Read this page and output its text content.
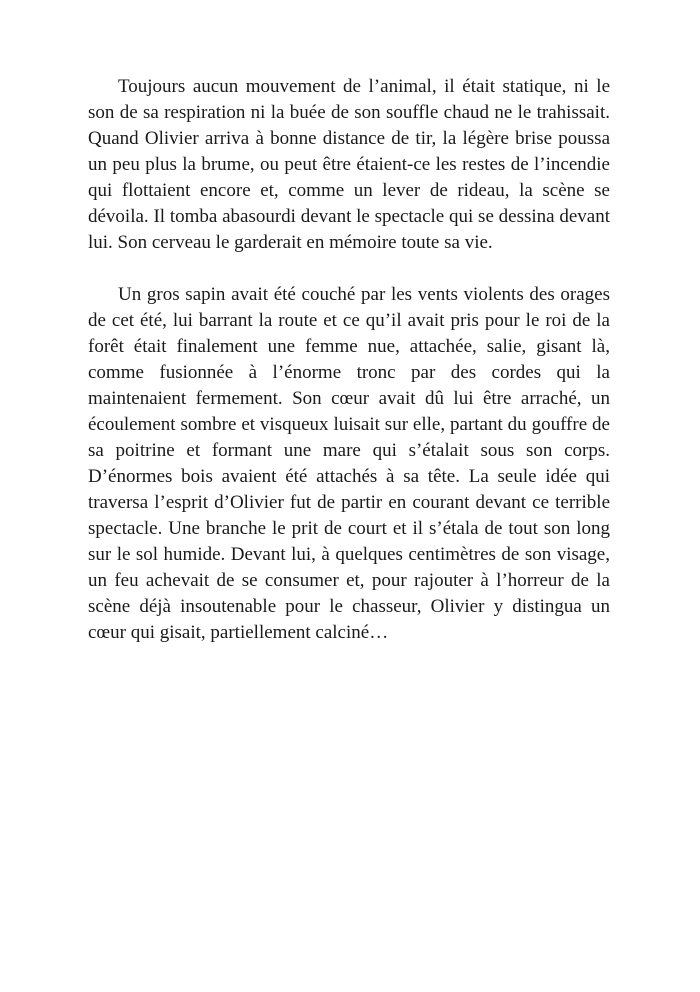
Toujours aucun mouvement de l’animal, il était statique, ni le son de sa respiration ni la buée de son souffle chaud ne le trahissait. Quand Olivier arriva à bonne distance de tir, la légère brise poussa un peu plus la brume, ou peut être étaient-ce les restes de l’incendie qui flottaient encore et, comme un lever de rideau, la scène se dévoila. Il tomba abasourdi devant le spectacle qui se dessina devant lui. Son cerveau le garderait en mémoire toute sa vie.

Un gros sapin avait été couché par les vents violents des orages de cet été, lui barrant la route et ce qu’il avait pris pour le roi de la forêt était finalement une femme nue, attachée, salie, gisant là, comme fusionnée à l’énorme tronc par des cordes qui la maintenaient fermement. Son cœur avait dû lui être arraché, un écoulement sombre et visqueux luisait sur elle, partant du gouffre de sa poitrine et formant une mare qui s’étalait sous son corps. D’énormes bois avaient été attachés à sa tête. La seule idée qui traversa l’esprit d’Olivier fut de partir en courant devant ce terrible spectacle. Une branche le prit de court et il s’étala de tout son long sur le sol humide. Devant lui, à quelques centimètres de son visage, un feu achevait de se consumer et, pour rajouter à l’horreur de la scène déjà insoutenable pour le chasseur, Olivier y distingua un cœur qui gisait, partiellement calciné…
